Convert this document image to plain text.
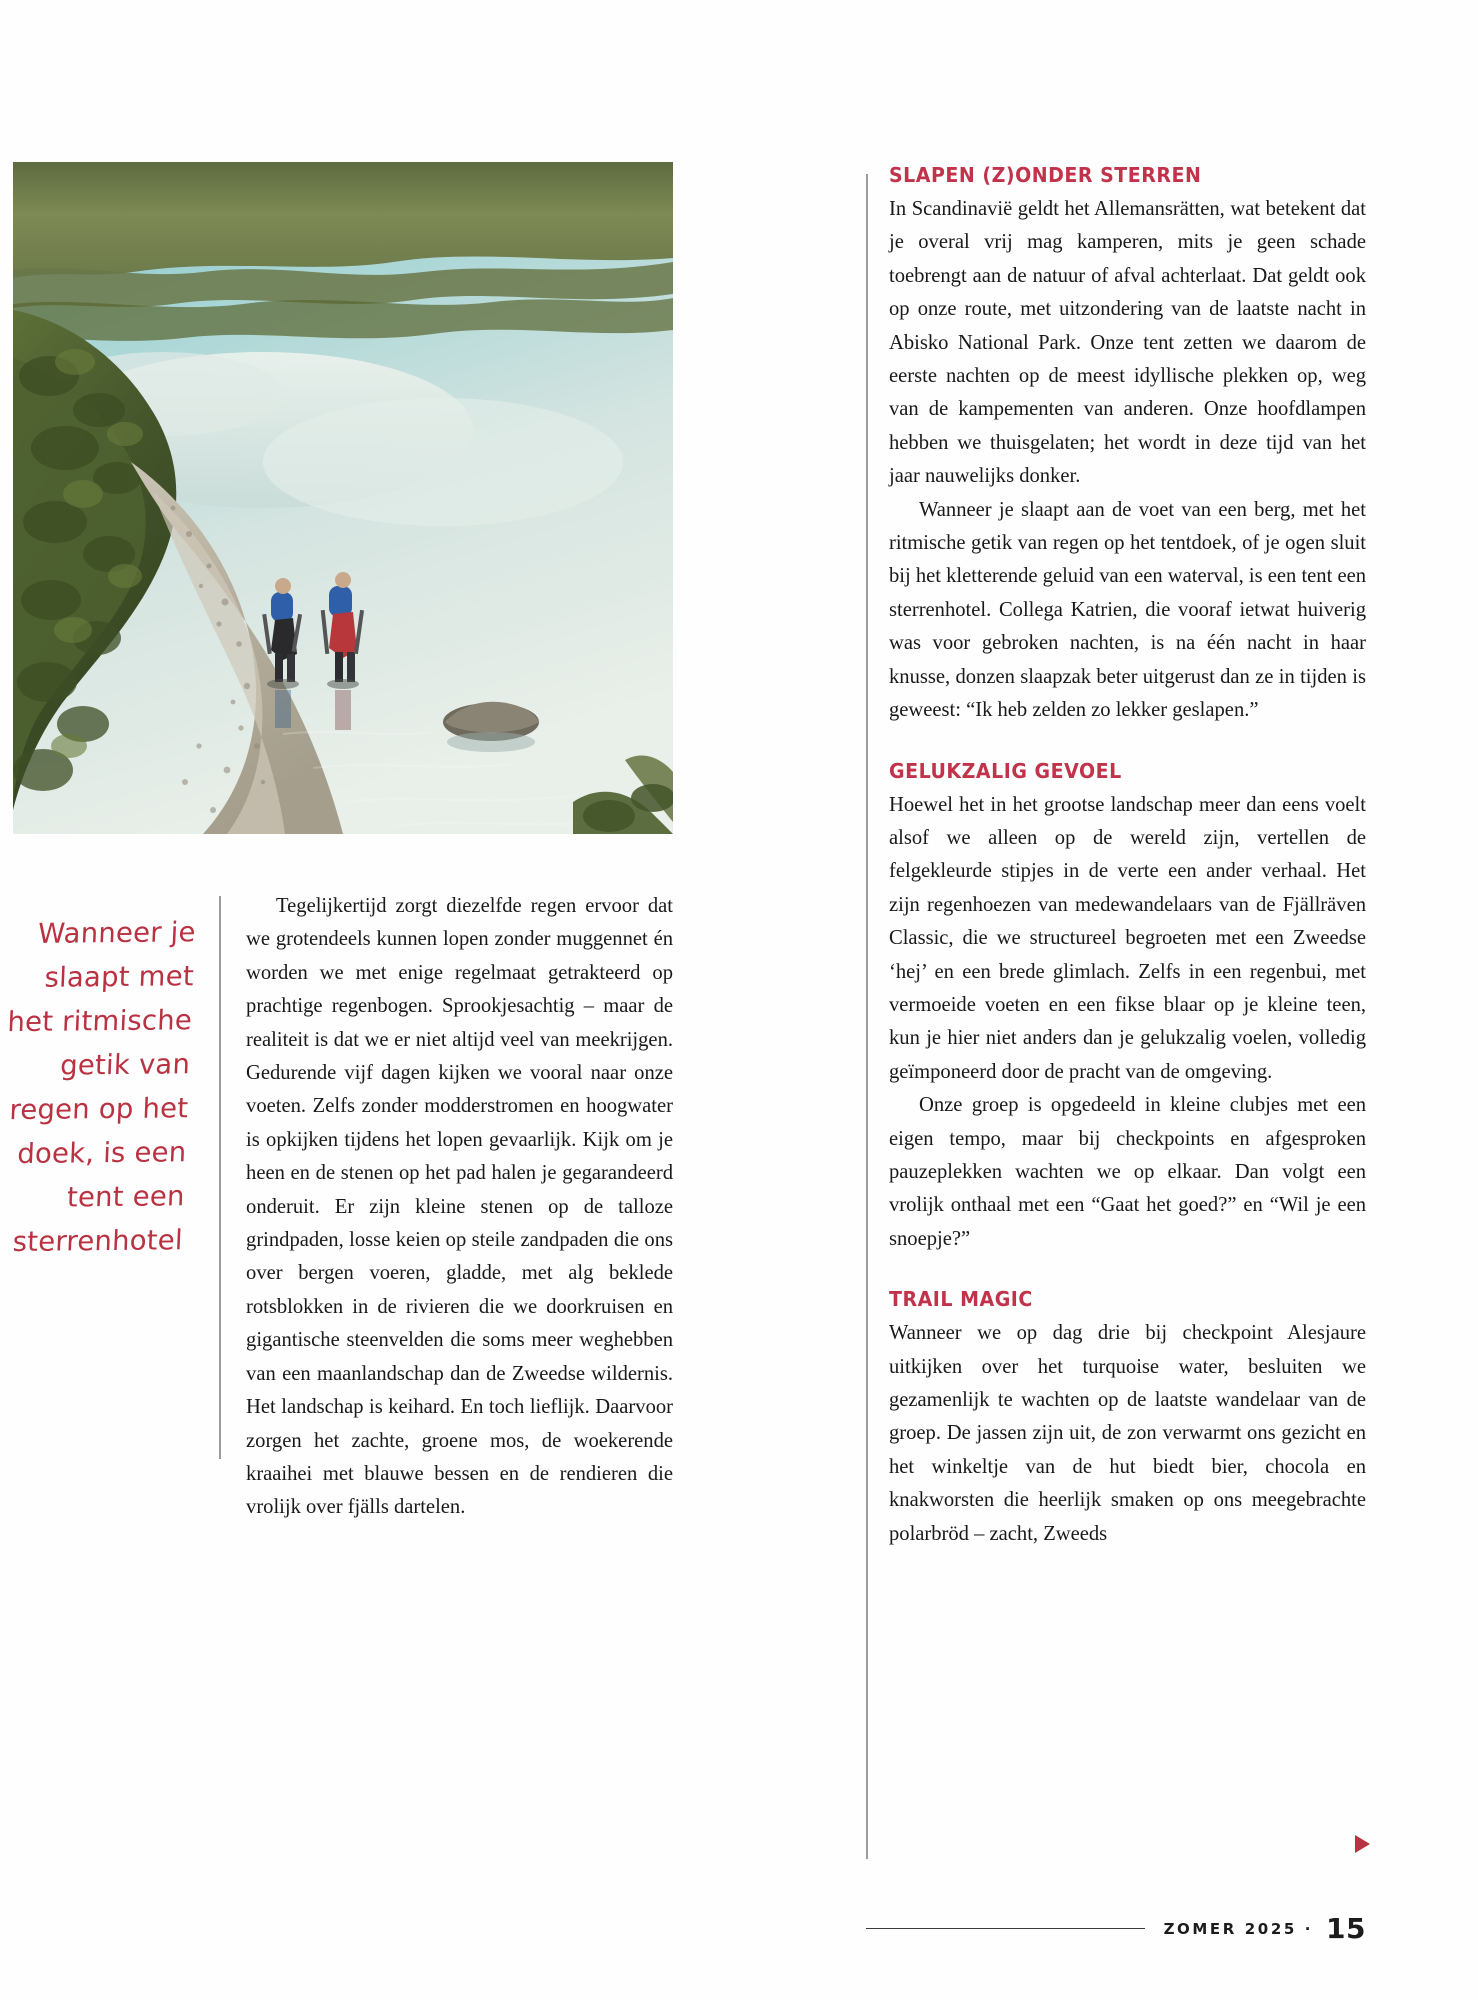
Wanneer je
slaapt met
het ritmische
getik van
regen op het
doek, is een
tent een
sterrenhotel

Tegelijkertijd zorgt diezelfde regen ervoor dat we grotendeels kunnen lopen zonder muggennet én worden we met enige regelmaat getrakteerd op prachtige regenbogen. Sprookjesachtig – maar de realiteit is dat we er niet altijd veel van meekrijgen. Gedurende vijf dagen kijken we vooral naar onze voeten. Zelfs zonder modderstromen en hoogwater is opkijken tijdens het lopen gevaarlijk. Kijk om je heen en de stenen op het pad halen je gegarandeerd onderuit. Er zijn kleine stenen op de talloze grindpaden, losse keien op steile zandpaden die ons over bergen voeren, gladde, met alg beklede rotsblokken in de rivieren die we doorkruisen en gigantische steenvelden die soms meer weghebben van een maanlandschap dan de Zweedse wildernis. Het landschap is keihard. En toch lieflijk. Daarvoor zorgen het zachte, groene mos, de woekerende kraaihei met blauwe bessen en de rendieren die vrolijk over fjälls dartelen.

SLAPEN (Z)ONDER STERREN

In Scandinavië geldt het Allemansrätten, wat betekent dat je overal vrij mag kamperen, mits je geen schade toebrengt aan de natuur of afval achterlaat. Dat geldt ook op onze route, met uitzondering van de laatste nacht in Abisko National Park. Onze tent zetten we daarom de eerste nachten op de meest idyllische plekken op, weg van de kampementen van anderen. Onze hoofdlampen hebben we thuisgelaten; het wordt in deze tijd van het jaar nauwelijks donker.

Wanneer je slaapt aan de voet van een berg, met het ritmische getik van regen op het tentdoek, of je ogen sluit bij het kletterende geluid van een waterval, is een tent een sterrenhotel. Collega Katrien, die vooraf ietwat huiverig was voor gebroken nachten, is na één nacht in haar knusse, donzen slaapzak beter uitgerust dan ze in tijden is geweest: “Ik heb zelden zo lekker geslapen.”

GELUKZALIG GEVOEL

Hoewel het in het grootse landschap meer dan eens voelt alsof we alleen op de wereld zijn, vertellen de felgekleurde stipjes in de verte een ander verhaal. Het zijn regenhoezen van medewandelaars van de Fjällräven Classic, die we structureel begroeten met een Zweedse ‘hej’ en een brede glimlach. Zelfs in een regenbui, met vermoeide voeten en een fikse blaar op je kleine teen, kun je hier niet anders dan je gelukzalig voelen, volledig geïmponeerd door de pracht van de omgeving.

Onze groep is opgedeeld in kleine clubjes met een eigen tempo, maar bij checkpoints en afgesproken pauzeplekken wachten we op elkaar. Dan volgt een vrolijk onthaal met een “Gaat het goed?” en “Wil je een snoepje?”

TRAIL MAGIC

Wanneer we op dag drie bij checkpoint Alesjaure uitkijken over het turquoise water, besluiten we gezamenlijk te wachten op de laatste wandelaar van de groep. De jassen zijn uit, de zon verwarmt ons gezicht en het winkeltje van de hut biedt bier, chocola en knakworsten die heerlijk smaken op ons meegebrachte polarbröd – zacht, Zweeds

ZOMER 2025 · 15
